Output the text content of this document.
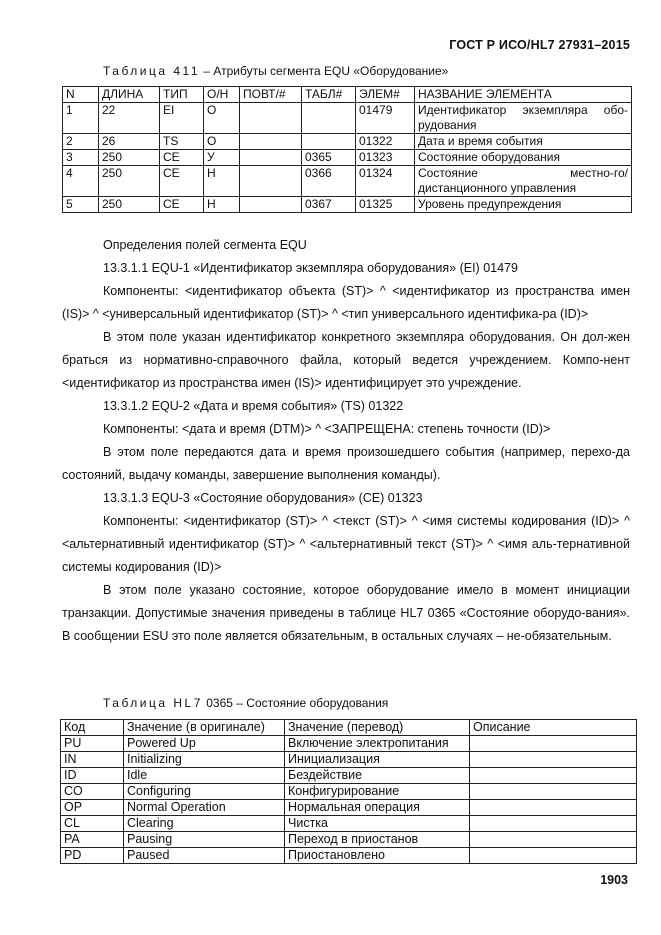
ГОСТ Р ИСО/HL7 27931–2015
Таблица 411 – Атрибуты сегмента EQU «Оборудование»
N	ДЛИНА	ТИП	О/Н	ПОВТ/#	ТАБЛ#	ЭЛЕМ#	НАЗВАНИЕ ЭЛЕМЕНТА
1	22	EI	О			01479	Идентификатор экземпляра обо-рудования
2	26	TS	О			01322	Дата и время события
3	250	CE	У		0365	01323	Состояние оборудования
4	250	CE	Н		0366	01324	Состояние местно-го/дистанционного управления
5	250	CE	Н		0367	01325	Уровень предупреждения

Определения полей сегмента EQU

13.3.1.1 EQU-1 «Идентификатор экземпляра оборудования» (EI) 01479

Компоненты: <идентификатор объекта (ST)> ^ <идентификатор из пространства имен (IS)> ^ <универсальный идентификатор (ST)> ^ <тип универсального идентифика-ра (ID)>

В этом поле указан идентификатор конкретного экземпляра оборудования. Он дол-жен браться из нормативно-справочного файла, который ведется учреждением. Компо-нент <идентификатор из пространства имен (IS)> идентифицирует это учреждение.

13.3.1.2 EQU-2 «Дата и время события» (TS) 01322

Компоненты: <дата и время (DTM)> ^ <ЗАПРЕЩЕНА: степень точности (ID)>

В этом поле передаются дата и время произошедшего события (например, перехо-да состояний, выдачу команды, завершение выполнения команды).

13.3.1.3 EQU-3 «Состояние оборудования» (CE) 01323

Компоненты: <идентификатор (ST)> ^ <текст (ST)> ^ <имя системы кодирования (ID)> ^ <альтернативный идентификатор (ST)> ^ <альтернативный текст (ST)> ^ <имя аль-тернативной системы кодирования (ID)>

В этом поле указано состояние, которое оборудование имело в момент инициации транзакции. Допустимые значения приведены в таблице HL7 0365 «Состояние оборудо-вания». В сообщении ESU это поле является обязательным, в остальных случаях – не-обязательным.

Таблица HL7 0365 – Состояние оборудования
Код	Значение (в оригинале)	Значение (перевод)	Описание
PU	Powered Up	Включение электропитания	
IN	Initializing	Инициализация	
ID	Idle	Бездействие	
CO	Configuring	Конфигурирование	
OP	Normal Operation	Нормальная операция	
CL	Clearing	Чистка	
PA	Pausing	Переход в приостанов	
PD	Paused	Приостановлено	
1903
